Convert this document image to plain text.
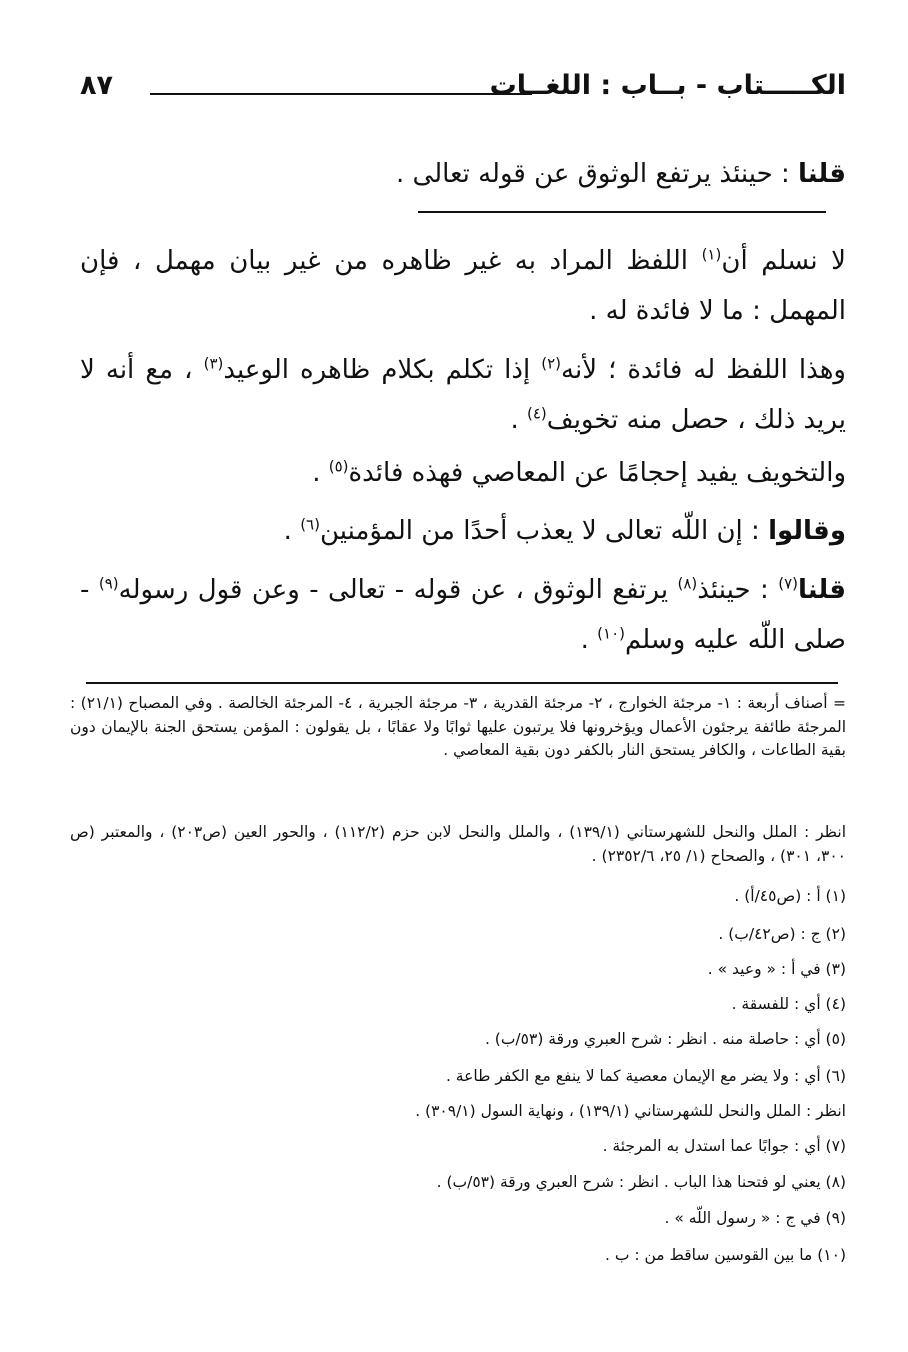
الكـــــتاب - بــاب : اللغــات
٨٧

قلنا : حينئذ يرتفع الوثوق عن قوله تعالى .

لا نسلم أن$^{(١)}$ اللفظ المراد به غير ظاهره من غير بيان مهمل ، فإن المهمل : ما لا فائدة له .

وهذا اللفظ له فائدة ؛ لأنه$^{(٢)}$ إذا تكلم بكلام ظاهره الوعيد$^{(٣)}$ ، مع أنه لا يريد ذلك ، حصل منه تخويف$^{(٤)}$ .

والتخويف يفيد إحجامًا عن المعاصي فهذه فائدة$^{(٥)}$ .

وقالوا : إن اللّه تعالى لا يعذب أحدًا من المؤمنين$^{(٦)}$ .

قلنا$^{(٧)}$ : حينئذ$^{(٨)}$ يرتفع الوثوق ، عن قوله - تعالى - وعن قول رسوله$^{(٩)}$ - صلى اللّه عليه وسلم$^{(١٠)}$ .

= أصناف أربعة : ١- مرجئة الخوارج ، ٢- مرجئة القدرية ، ٣- مرجئة الجبرية ، ٤- المرجئة الخالصة . وفي المصباح (٢١/١) : المرجئة طائفة يرجئون الأعمال ويؤخرونها فلا يرتبون عليها ثوابًا ولا عقابًا ، بل يقولون : المؤمن يستحق الجنة بالإيمان دون بقية الطاعات ، والكافر يستحق النار بالكفر دون بقية المعاصي .
انظر : الملل والنحل للشهرستاني (١٣٩/١) ، والملل والنحل لابن حزم (١١٢/٢) ، والحور العين (ص٢٠٣) ، والمعتبر (ص ٣٠٠، ٣٠١) ، والصحاح (١/ ٢٥، ٢٣٥٢/٦) .
(١) أ : (ص٤٥/أ) .
(٢) ج : (ص٤٢/ب) .
(٣) في أ : « وعيد » .
(٤) أي : للفسقة .
(٥) أي : حاصلة منه . انظر : شرح العبري ورقة (٥٣/ب) .
(٦) أي : ولا يضر مع الإيمان معصية كما لا ينفع مع الكفر طاعة .
انظر : الملل والنحل للشهرستاني (١٣٩/١) ، ونهاية السول (٣٠٩/١) .
(٧) أي : جوابًا عما استدل به المرجئة .
(٨) يعني لو فتحنا هذا الباب . انظر : شرح العبري ورقة (٥٣/ب) .
(٩) في ج : « رسول اللّه » .
(١٠) ما بين القوسين ساقط من : ب .
